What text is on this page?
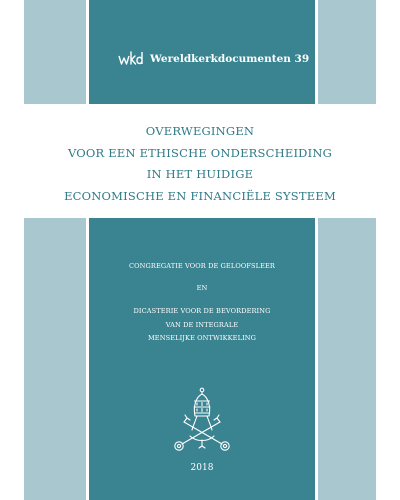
Wereldkerkdocumenten 39
OVERWEGINGEN
VOOR EEN ETHISCHE ONDERSCHEIDING
IN HET HUIDIGE
ECONOMISCHE EN FINANCIËLE SYSTEEM
CONGREGATIE VOOR DE GELOOFSLEER
EN
DICASTERIE VOOR DE BEVORDERING
VAN DE INTEGRALE
MENSELIJKE ONTWIKKELING
2018
